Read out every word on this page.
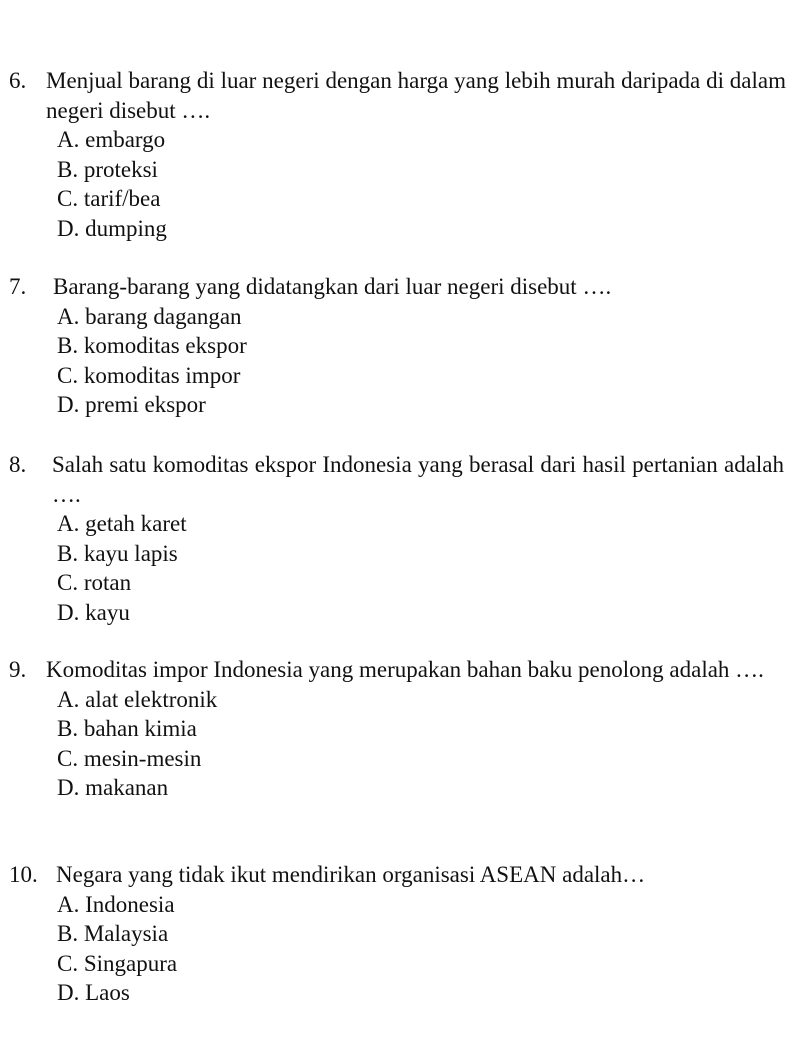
6. Menjual barang di luar negeri dengan harga yang lebih murah daripada di dalam negeri disebut ….
A. embargo
B. proteksi
C. tarif/bea
D. dumping
7. Barang-barang yang didatangkan dari luar negeri disebut ….
A. barang dagangan
B. komoditas ekspor
C. komoditas impor
D. premi ekspor
8. Salah satu komoditas ekspor Indonesia yang berasal dari hasil pertanian adalah ….
A. getah karet
B. kayu lapis
C. rotan
D. kayu
9. Komoditas impor Indonesia yang merupakan bahan baku penolong adalah ….
A. alat elektronik
B. bahan kimia
C. mesin-mesin
D. makanan
10. Negara yang tidak ikut mendirikan organisasi ASEAN adalah…
A. Indonesia
B. Malaysia
C. Singapura
D. Laos
